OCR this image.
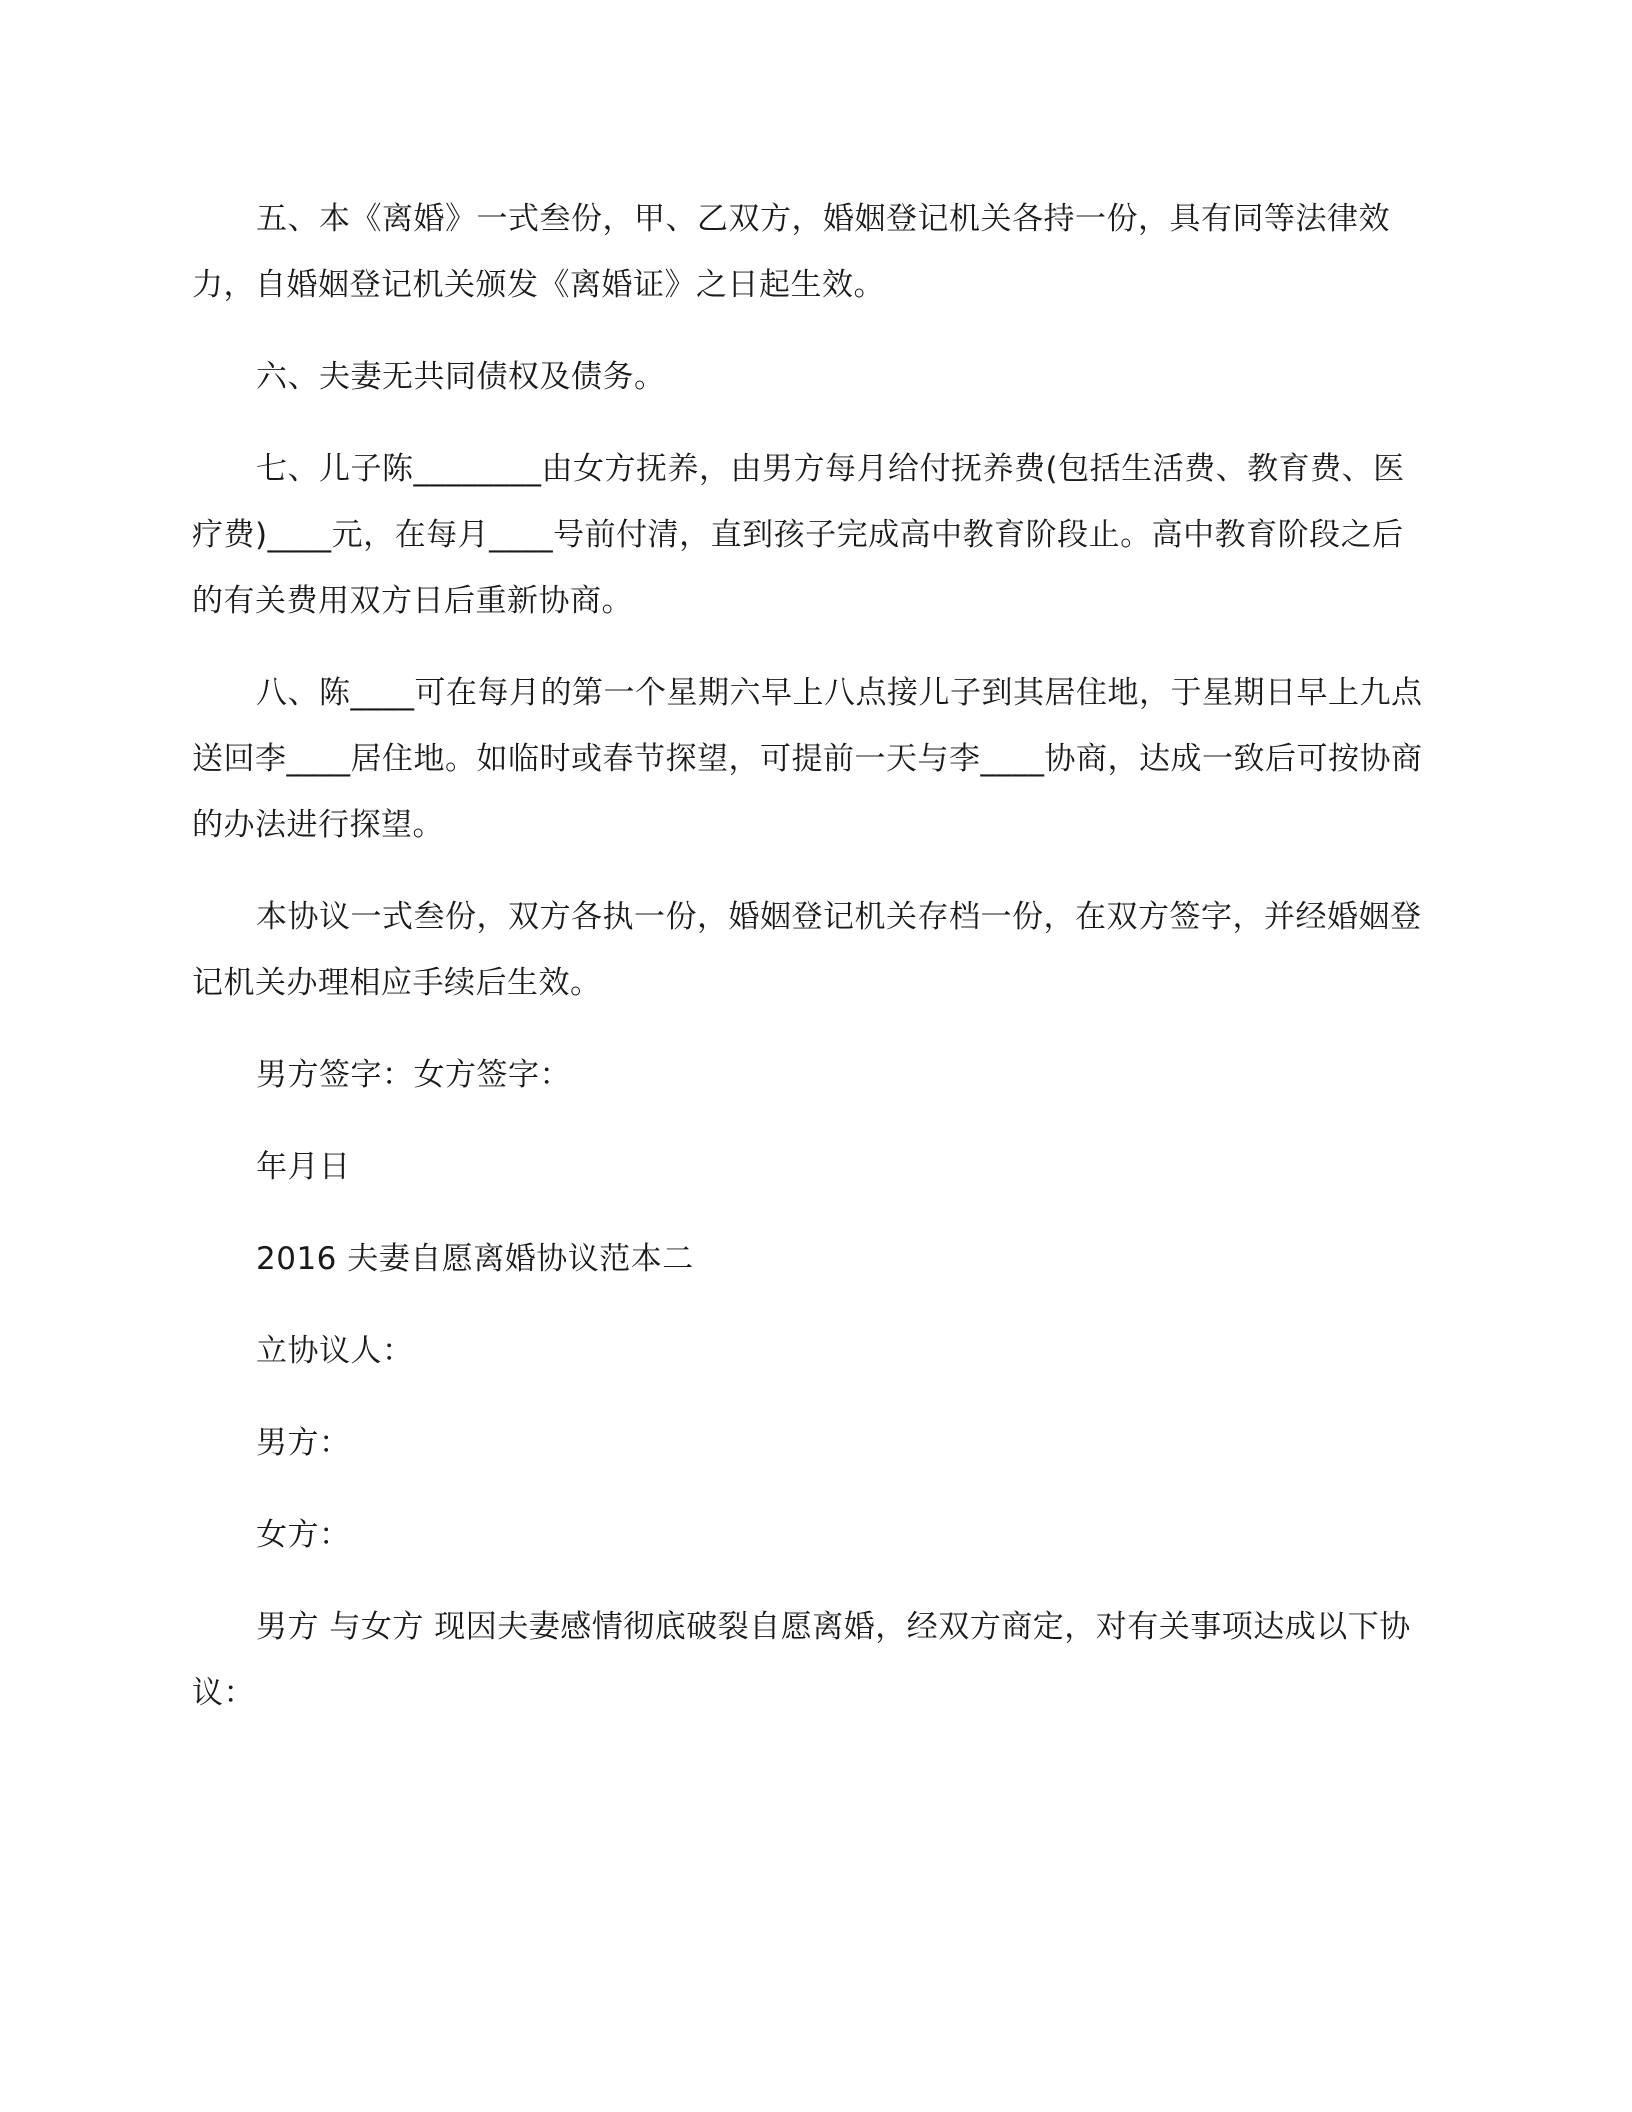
五、本《离婚》一式叁份，甲、乙双方，婚姻登记机关各持一份，具有同等法律效力，自婚姻登记机关颁发《离婚证》之日起生效。

六、夫妻无共同债权及债务。

七、儿子陈________由女方抚养，由男方每月给付抚养费(包括生活费、教育费、医疗费)____元，在每月____号前付清，直到孩子完成高中教育阶段止。高中教育阶段之后的有关费用双方日后重新协商。

八、陈____可在每月的第一个星期六早上八点接儿子到其居住地，于星期日早上九点送回李____居住地。如临时或春节探望，可提前一天与李____协商，达成一致后可按协商的办法进行探望。

本协议一式叁份，双方各执一份，婚姻登记机关存档一份，在双方签字，并经婚姻登记机关办理相应手续后生效。

男方签字：女方签字：

年月日

2016 夫妻自愿离婚协议范本二

立协议人：

男方：

女方：

男方 与女方 现因夫妻感情彻底破裂自愿离婚，经双方商定，对有关事项达成以下协议：
